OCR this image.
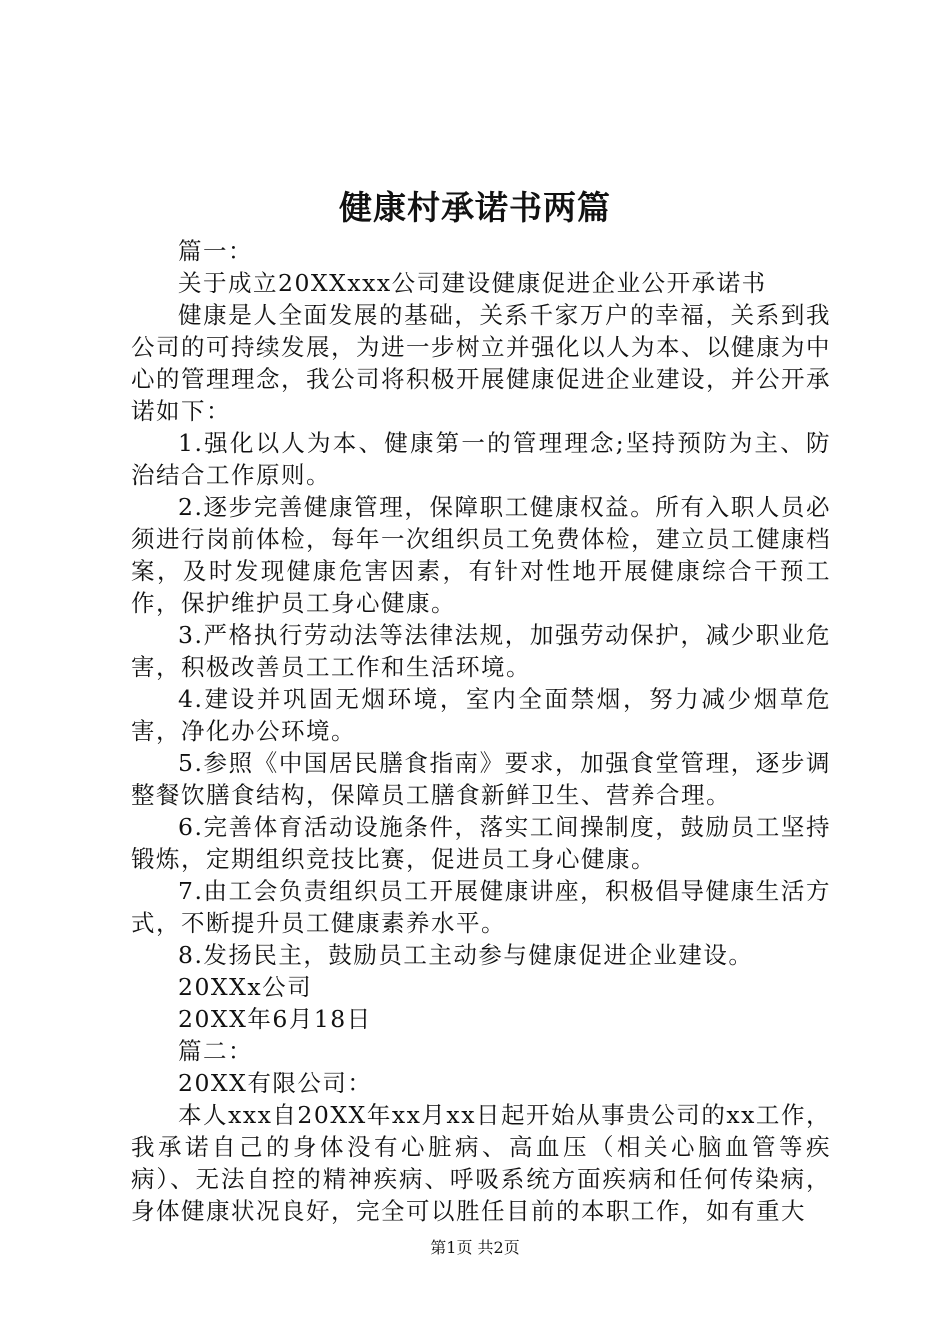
健康村承诺书两篇

篇一：

关于成立20XXxxx公司建设健康促进企业公开承诺书

健康是人全面发展的基础，关系千家万户的幸福，关系到我公司的可持续发展，为进一步树立并强化以人为本、以健康为中心的管理理念，我公司将积极开展健康促进企业建设，并公开承诺如下：

1.强化以人为本、健康第一的管理理念;坚持预防为主、防治结合工作原则。

2.逐步完善健康管理，保障职工健康权益。所有入职人员必须进行岗前体检，每年一次组织员工免费体检，建立员工健康档案，及时发现健康危害因素，有针对性地开展健康综合干预工作，保护维护员工身心健康。

3.严格执行劳动法等法律法规，加强劳动保护，减少职业危害，积极改善员工工作和生活环境。

4.建设并巩固无烟环境，室内全面禁烟，努力减少烟草危害，净化办公环境。

5.参照《中国居民膳食指南》要求，加强食堂管理，逐步调整餐饮膳食结构，保障员工膳食新鲜卫生、营养合理。

6.完善体育活动设施条件，落实工间操制度，鼓励员工坚持锻炼，定期组织竞技比赛，促进员工身心健康。

7.由工会负责组织员工开展健康讲座，积极倡导健康生活方式，不断提升员工健康素养水平。

8.发扬民主，鼓励员工主动参与健康促进企业建设。

20XXx公司

20XX年6月18日

篇二：

20XX有限公司：

本人xxx自20XX年xx月xx日起开始从事贵公司的xx工作，我承诺自己的身体没有心脏病、高血压（相关心脑血管等疾病）、无法自控的精神疾病、呼吸系统方面疾病和任何传染病，身体健康状况良好，完全可以胜任目前的本职工作，如有重大

第1页 共2页
